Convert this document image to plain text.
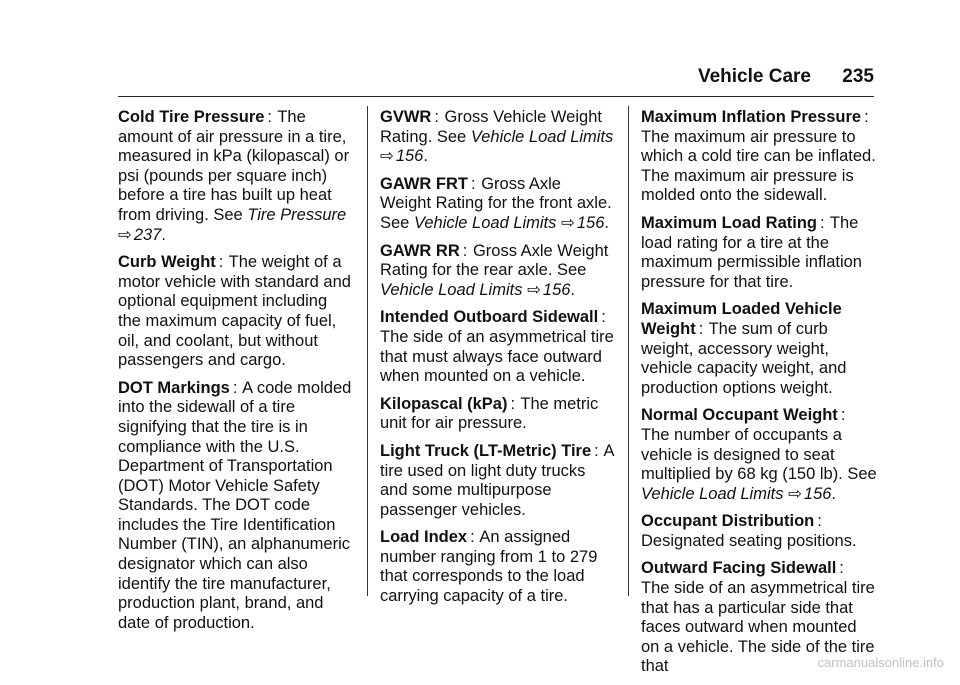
Vehicle Care 235

Cold Tire Pressure : The amount of air pressure in a tire, measured in kPa (kilopascal) or psi (pounds per square inch) before a tire has built up heat from driving. See Tire Pressure ⇨ 237.

Curb Weight : The weight of a motor vehicle with standard and optional equipment including the maximum capacity of fuel, oil, and coolant, but without passengers and cargo.

DOT Markings : A code molded into the sidewall of a tire signifying that the tire is in compliance with the U.S. Department of Transportation (DOT) Motor Vehicle Safety Standards. The DOT code includes the Tire Identification Number (TIN), an alphanumeric designator which can also identify the tire manufacturer, production plant, brand, and date of production.

GVWR : Gross Vehicle Weight Rating. See Vehicle Load Limits ⇨ 156.

GAWR FRT : Gross Axle Weight Rating for the front axle. See Vehicle Load Limits ⇨ 156.

GAWR RR : Gross Axle Weight Rating for the rear axle. See Vehicle Load Limits ⇨ 156.

Intended Outboard Sidewall : The side of an asymmetrical tire that must always face outward when mounted on a vehicle.

Kilopascal (kPa) : The metric unit for air pressure.

Light Truck (LT-Metric) Tire : A tire used on light duty trucks and some multipurpose passenger vehicles.

Load Index : An assigned number ranging from 1 to 279 that corresponds to the load carrying capacity of a tire.

Maximum Inflation Pressure : The maximum air pressure to which a cold tire can be inflated. The maximum air pressure is molded onto the sidewall.

Maximum Load Rating : The load rating for a tire at the maximum permissible inflation pressure for that tire.

Maximum Loaded Vehicle Weight : The sum of curb weight, accessory weight, vehicle capacity weight, and production options weight.

Normal Occupant Weight : The number of occupants a vehicle is designed to seat multiplied by 68 kg (150 lb). See Vehicle Load Limits ⇨ 156.

Occupant Distribution : Designated seating positions.

Outward Facing Sidewall : The side of an asymmetrical tire that has a particular side that faces outward when mounted on a vehicle. The side of the tire that	carmanualsonline.info
